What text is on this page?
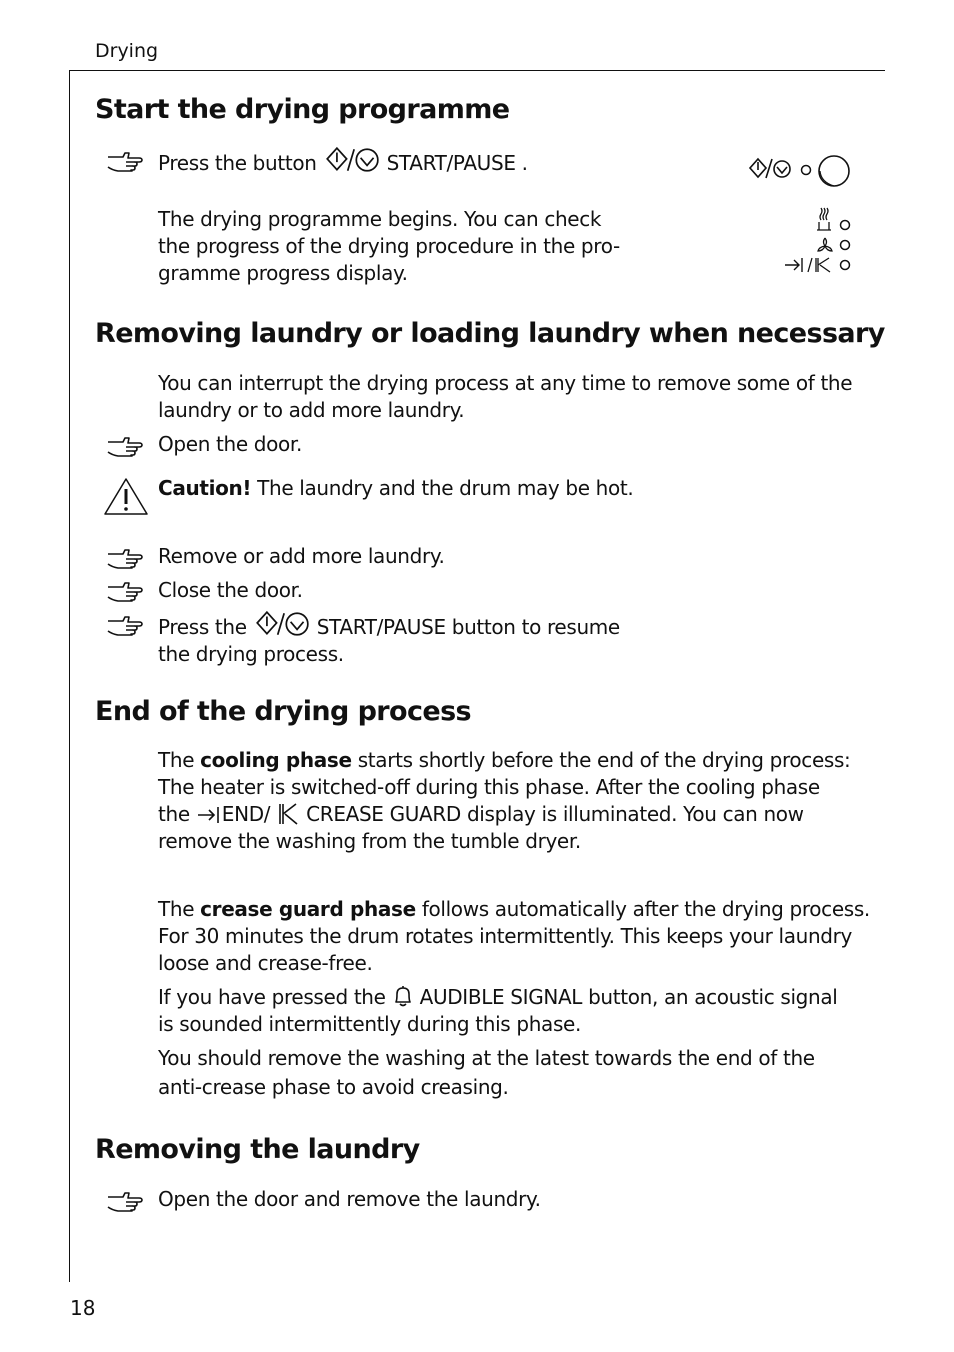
Drying
Start the drying programme
Press the button	START/PAUSE .
The drying programme begins. You can check
the progress of the drying procedure in the pro-
gramme progress display.
Removing laundry or loading laundry when necessary
You can interrupt the drying process at any time to remove some of the
laundry or to add more laundry.
Open the door.
Caution! The laundry and the drum may be hot.
Remove or add more laundry.
Close the door.
Press the	START/PAUSE button to resume
the drying process.
End of the drying process
The cooling phase starts shortly before the end of the drying process:
The heater is switched-off during this phase. After the cooling phase
the END/ CREASE GUARD display is illuminated. You can now
remove the washing from the tumble dryer.
The crease guard phase follows automatically after the drying process.
For 30 minutes the drum rotates intermittently. This keeps your laundry
loose and crease-free.
If you have pressed the AUDIBLE SIGNAL button, an acoustic signal
is sounded intermittently during this phase.
You should remove the washing at the latest towards the end of the
anti-crease phase to avoid creasing.
Removing the laundry
Open the door and remove the laundry.
18
